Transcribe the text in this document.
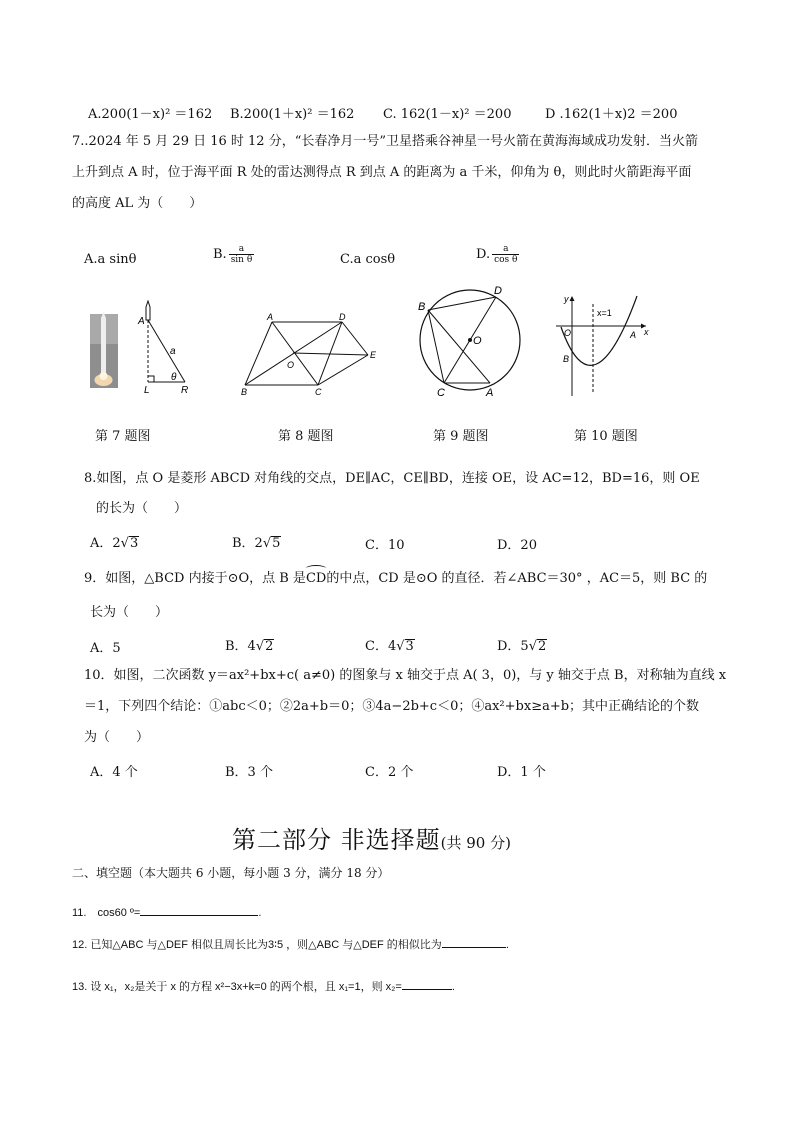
A.200(1－x)² ＝162 B.200(1＋x)² ＝162 C. 162(1－x)² ＝200	D .162(1＋x)2 ＝200
7..2024 年 5 月 29 日 16 时 12 分，“长春净月一号”卫星搭乘谷神星一号火箭在黄海海域成功发射．当火箭
上升到点 A 时，位于海平面 R 处的雷达测得点 R 到点 A 的距离为 a 千米，仰角为 θ，则此时火箭距海平面
的高度 AL 为（　　）
A.a sinθ	B. $\frac{a}{\text{sin θ}}$	C.a cosθ	D. $\frac{a}{\text{cos θ}}$
A
a
θ
L	R
A	D
O
E
B	C
B
D
O
C	A
y
x=1
O	A x
B
第 7 题图	第 8 题图	第 9 题图	第 10 题图
8.如图，点 O 是菱形 ABCD 对角线的交点，DE∥AC，CE∥BD，连接 OE，设 AC=12，BD=16，则 OE
的长为（　　）
A．2√3	B．2√5	C．10	D．20
9．如图，△BCD 内接于⊙O，点 B 是
CD的中点，CD 是⊙O 的直径．若∠ABC＝30° ，AC＝5，则 BC 的
长为（　　）
A．5	B．4√2	C．4√3	D．5√2
10．如图，二次函数 y＝ax²+bx+c( a≠0) 的图象与 x 轴交于点 A( 3，0)，与 y 轴交于点 B，对称轴为直线 x
＝1，下列四个结论：①abc＜0；②2a+b＝0；③4a−2b+c＜0；④ax²+bx≥a+b；其中正确结论的个数
为（　　）
A．4 个	B．3 个	C．2 个	D．1 个
第二部分 非选择题(共 90 分)
二、填空题（本大题共 6 小题，每小题 3 分，满分 18 分）
11.　cos60 º=	.
12. 已知△ABC 与△DEF 相似且周长比为3∶5 ，则△ABC 与△DEF 的相似比为	.
13. 设 x₁，x₂是关于 x 的方程 x²−3x+k=0 的两个根，且 x₁=1，则 x₂=	.
